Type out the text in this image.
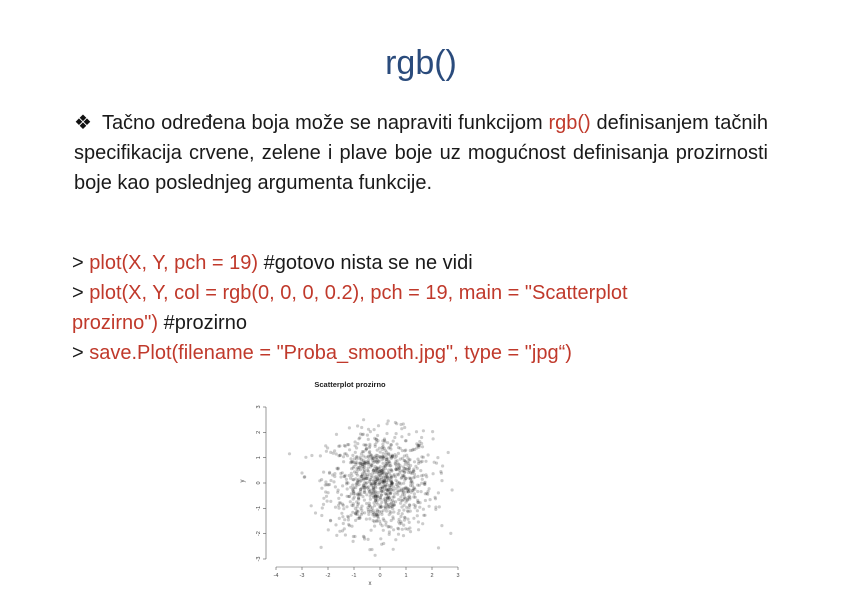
rgb()
❖ Tačno određena boja može se napraviti funkcijom rgb() definisanjem tačnih specifikacija crvene, zelene i plave boje uz mogućnost definisanja prozirnosti boje kao poslednjeg argumenta funkcije.
> plot(X, Y, pch = 19) #gotovo nista se ne vidi
> plot(X, Y, col = rgb(0, 0, 0, 0.2), pch = 19, main = "Scatterplot
prozirno") #prozirno
> save.Plot(filename = "Proba_smooth.jpg", type = "jpg“)
Scatterplot prozirno
-4	-3	-2	-1	0	1	2	3
-3
-2
-1
0
1
2
3
x
y
